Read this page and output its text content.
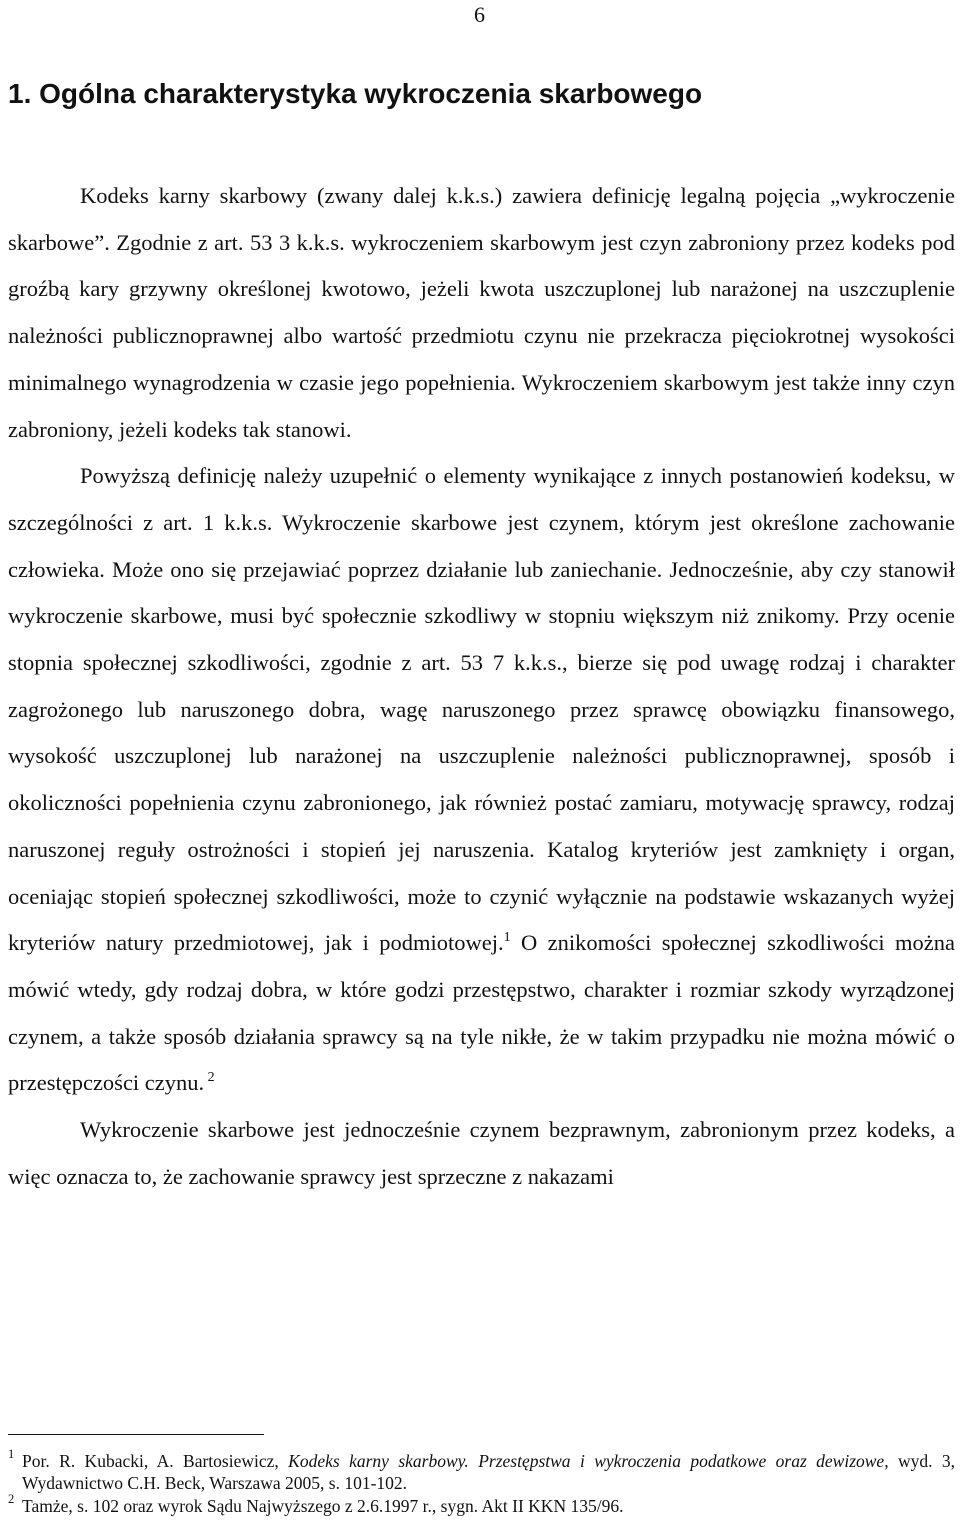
6
1. Ogólna charakterystyka wykroczenia skarbowego

Kodeks karny skarbowy (zwany dalej k.k.s.) zawiera definicję legalną pojęcia „wykroczenie skarbowe”. Zgodnie z art. 53 3 k.k.s. wykroczeniem skarbowym jest czyn zabroniony przez kodeks pod groźbą kary grzywny określonej kwotowo, jeżeli kwota uszczuplonej lub narażonej na uszczuplenie należności publicznoprawnej albo wartość przedmiotu czynu nie przekracza pięciokrotnej wysokości minimalnego wynagrodzenia w czasie jego popełnienia. Wykroczeniem skarbowym jest także inny czyn zabroniony, jeżeli kodeks tak stanowi.

Powyższą definicję należy uzupełnić o elementy wynikające z innych postanowień kodeksu, w szczególności z art. 1 k.k.s. Wykroczenie skarbowe jest czynem, którym jest określone zachowanie człowieka. Może ono się przejawiać poprzez działanie lub zaniechanie. Jednocześnie, aby czy stanowił wykroczenie skarbowe, musi być społecznie szkodliwy w stopniu większym niż znikomy. Przy ocenie stopnia społecznej szkodliwości, zgodnie z art. 53 7 k.k.s., bierze się pod uwagę rodzaj i charakter zagrożonego lub naruszonego dobra, wagę naruszonego przez sprawcę obowiązku finansowego, wysokość uszczuplonej lub narażonej na uszczuplenie należności publicznoprawnej, sposób i okoliczności popełnienia czynu zabronionego, jak również postać zamiaru, motywację sprawcy, rodzaj naruszonej reguły ostrożności i stopień jej naruszenia. Katalog kryteriów jest zamknięty i organ, oceniając stopień społecznej szkodliwości, może to czynić wyłącznie na podstawie wskazanych wyżej kryteriów natury przedmiotowej, jak i podmiotowej.$^1$ O znikomości społecznej szkodliwości można mówić wtedy, gdy rodzaj dobra, w które godzi przestępstwo, charakter i rozmiar szkody wyrządzonej czynem, a także sposób działania sprawcy są na tyle nikłe, że w takim przypadku nie można mówić o przestępczości czynu. $^2$

Wykroczenie skarbowe jest jednocześnie czynem bezprawnym, zabronionym przez kodeks, a więc oznacza to, że zachowanie sprawcy jest sprzeczne z nakazami

1 Por. R. Kubacki, A. Bartosiewicz, Kodeks karny skarbowy. Przestępstwa i wykroczenia podatkowe oraz dewizowe, wyd. 3, Wydawnictwo C.H. Beck, Warszawa 2005, s. 101-102.
2 Tamże, s. 102 oraz wyrok Sądu Najwyższego z 2.6.1997 r., sygn. Akt II KKN 135/96.
